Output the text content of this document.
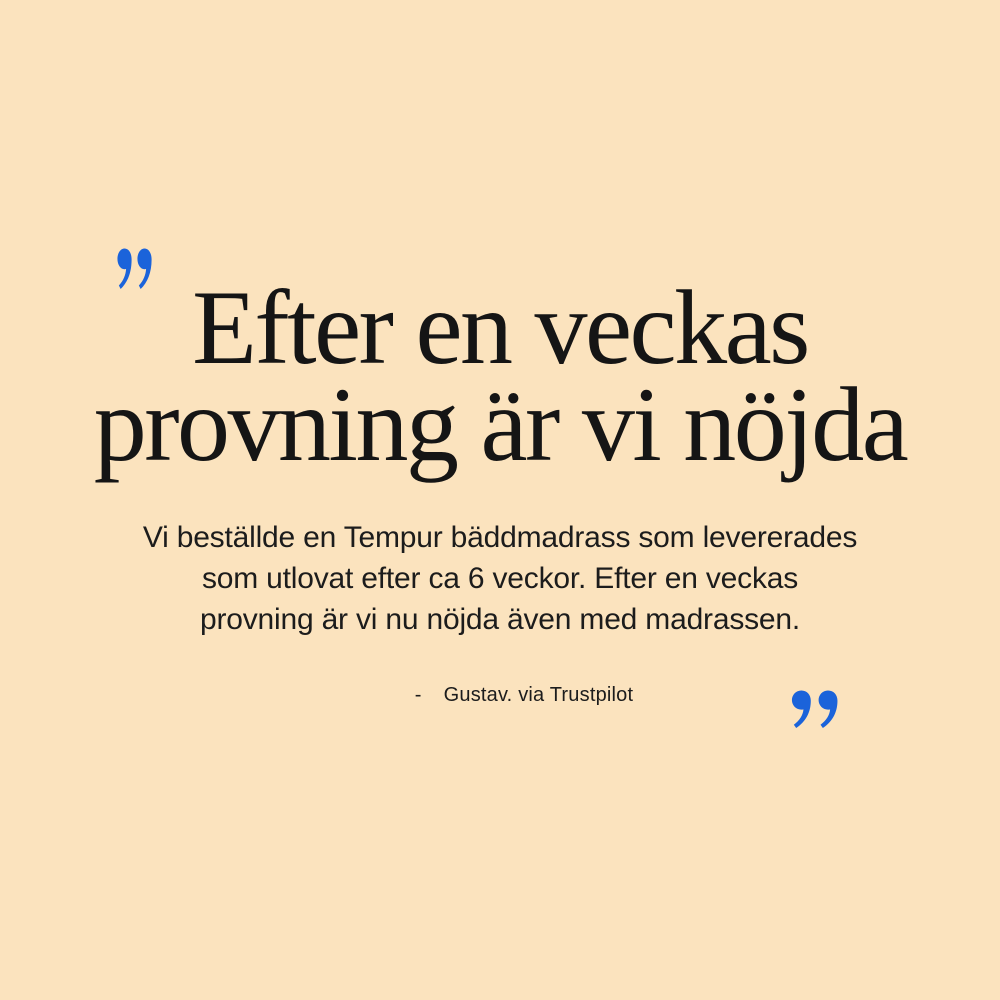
Efter en veckas
provning är vi nöjda
Vi beställde en Tempur bäddmadrass som levererades
som utlovat efter ca 6 veckor. Efter en veckas
provning är vi nu nöjda även med madrassen.
- Gustav. via Trustpilot
